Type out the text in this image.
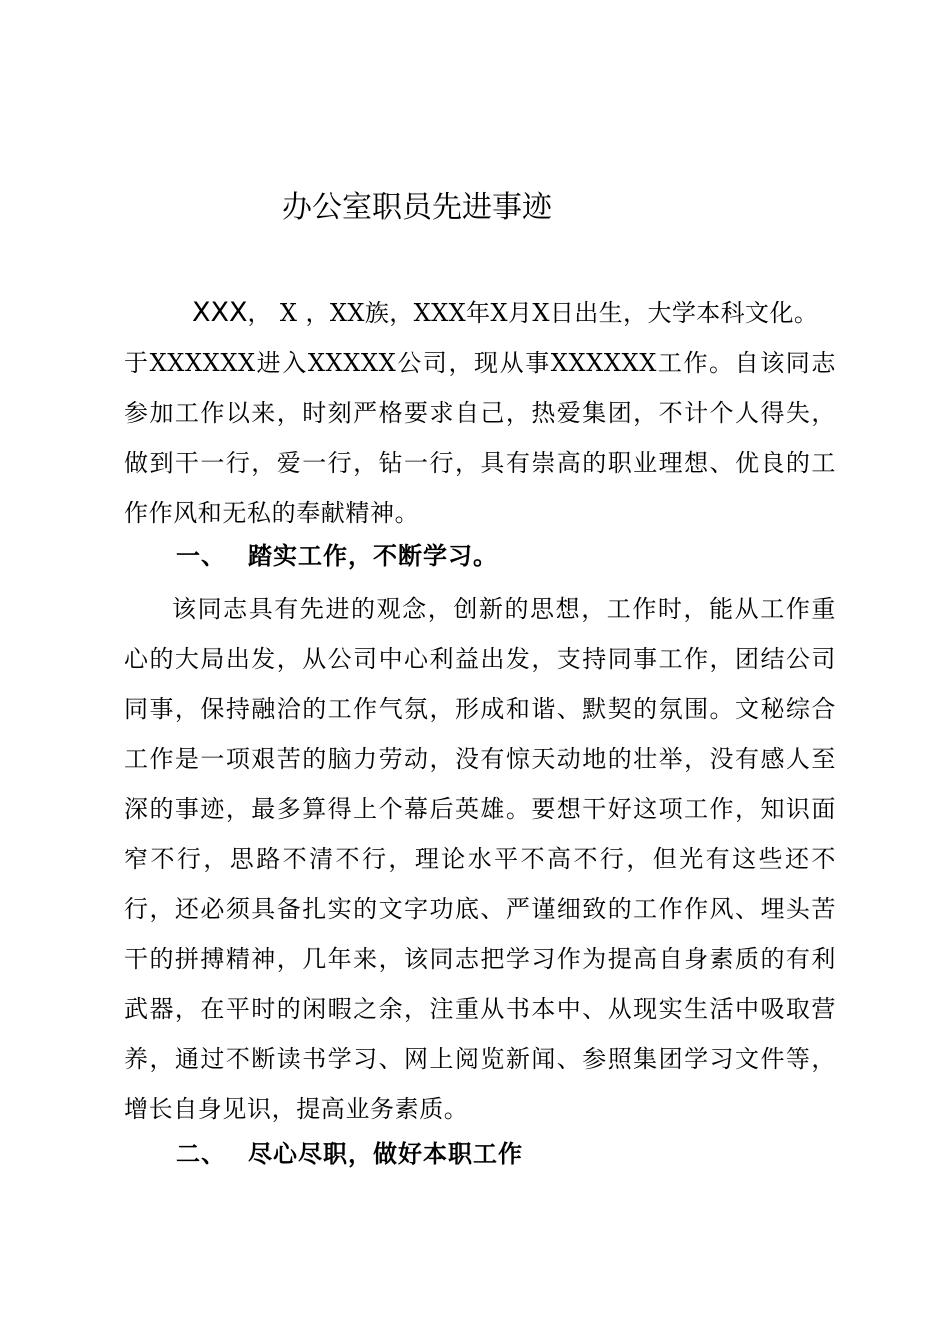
办公室职员先进事迹
XXX， X ，XX族，XXX年X月X日出生，大学本科文化。
于XXXXXX进入XXXXX公司，现从事XXXXXX工作。自该同志参加工作以来，时刻严格要求自己，热爱集团，不计个人得失，做到干一行，爱一行，钻一行，具有崇高的职业理想、优良的工作作风和无私的奉献精神。
一、 踏实工作，不断学习。

该同志具有先进的观念，创新的思想，工作时，能从工作重心的大局出发，从公司中心利益出发，支持同事工作，团结公司同事，保持融洽的工作气氛，形成和谐、默契的氛围。文秘综合工作是一项艰苦的脑力劳动，没有惊天动地的壮举，没有感人至深的事迹，最多算得上个幕后英雄。要想干好这项工作，知识面窄不行，思路不清不行，理论水平不高不行，但光有这些还不行，还必须具备扎实的文字功底、严谨细致的工作作风、埋头苦干的拼搏精神，几年来，该同志把学习作为提高自身素质的有利武器，在平时的闲暇之余，注重从书本中、从现实生活中吸取营养，通过不断读书学习、网上阅览新闻、参照集团学习文件等，增长自身见识，提高业务素质。

二、 尽心尽职，做好本职工作
